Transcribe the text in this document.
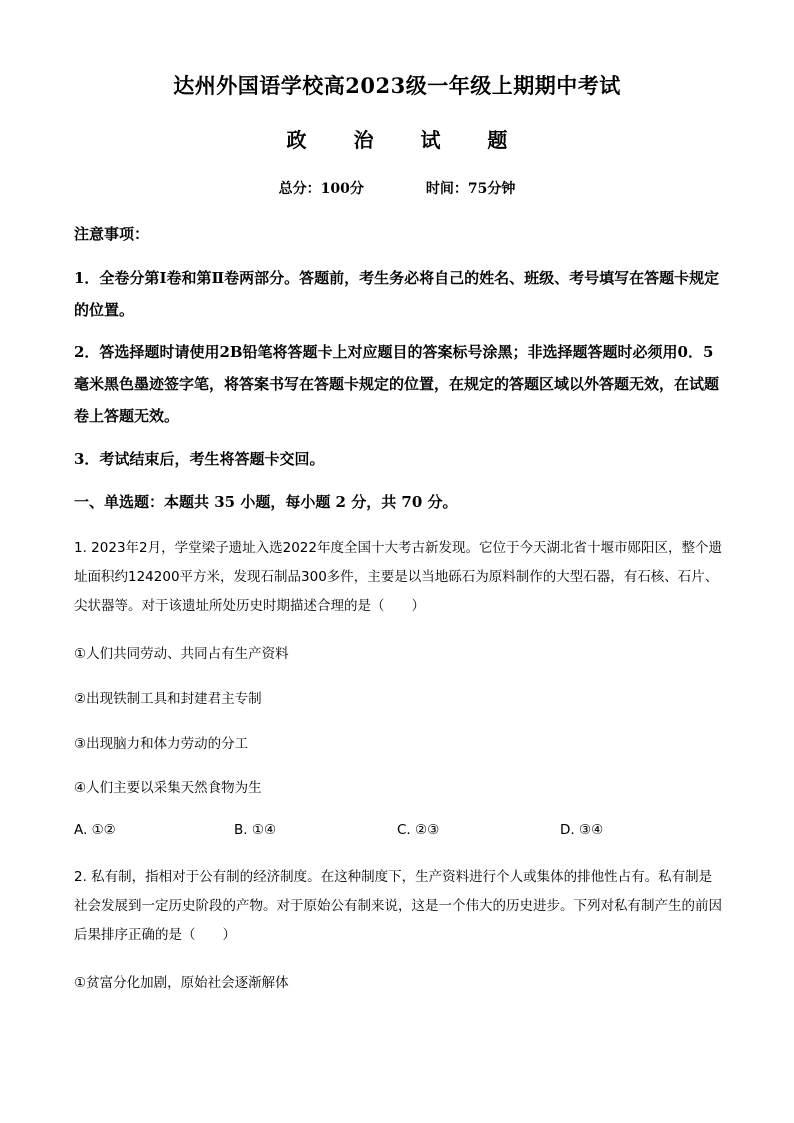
达州外国语学校高2023级一年级上期期中考试
政 治 试 题
总分：100分	时间：75分钟
注意事项：
1．全卷分第Ⅰ卷和第Ⅱ卷两部分。答题前，考生务必将自己的姓名、班级、考号填写在答题卡规定的位置。
2．答选择题时请使用2B铅笔将答题卡上对应题目的答案标号涂黑；非选择题答题时必须用0．5毫米黑色墨迹签字笔，将答案书写在答题卡规定的位置，在规定的答题区域以外答题无效，在试题卷上答题无效。
3．考试结束后，考生将答题卡交回。
一、单选题：本题共 35 小题，每小题 2 分，共 70 分。
1. 2023年2月，学堂梁子遗址入选2022年度全国十大考古新发现。它位于今天湖北省十堰市郧阳区，整个遗址面积约124200平方米，发现石制品300多件，主要是以当地砾石为原料制作的大型石器，有石核、石片、尖状器等。对于该遗址所处历史时期描述合理的是（　　）
①人们共同劳动、共同占有生产资料
②出现铁制工具和封建君主专制
③出现脑力和体力劳动的分工
④人们主要以采集天然食物为生
A. ①②	B. ①④	C. ②③	D. ③④
2. 私有制，指相对于公有制的经济制度。在这种制度下，生产资料进行个人或集体的排他性占有。私有制是社会发展到一定历史阶段的产物。对于原始公有制来说，这是一个伟大的历史进步。下列对私有制产生的前因后果排序正确的是（　　）
①贫富分化加剧，原始社会逐渐解体
